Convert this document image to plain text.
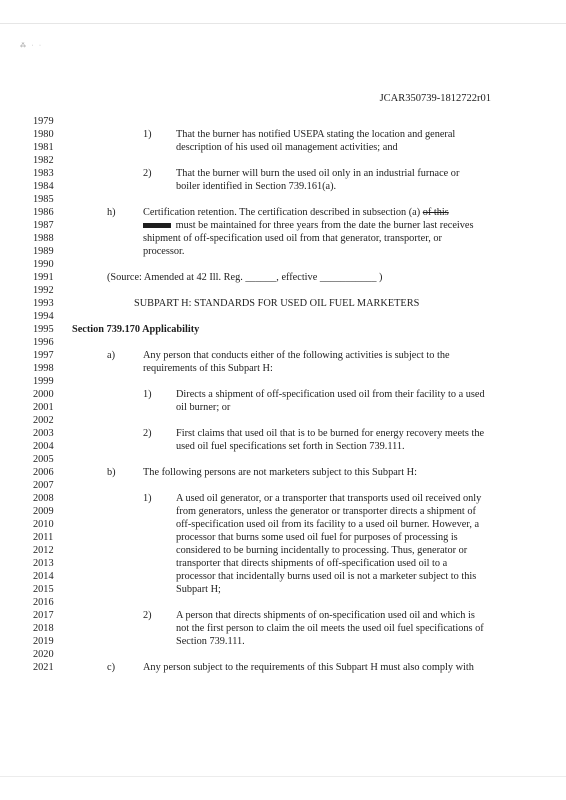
⁂ · ·
JCAR350739-1812722r01
1979
1980
1981
1982
1983
1984
1985
1986
1987
1988
1989
1990
1991
1992
1993
1994
1995
1996
1997
1998
1999
2000
2001
2002
2003
2004
2005
2006
2007
2008
2009
2010
2011
2012
2013
2014
2015
2016
2017
2018
2019
2020
2021
1) That the burner has notified USEPA stating the location and general
description of his used oil management activities; and
2) That the burner will burn the used oil only in an industrial furnace or
boiler identified in Section 739.161(a).
h)	Certification retention. The certification described in subsection (a) of this
must be maintained for three years from the date the burner last receives
shipment of off-specification used oil from that generator, transporter, or
processor.
(Source: Amended at 42 Ill. Reg. ______, effective ___________ )
SUBPART H: STANDARDS FOR USED OIL FUEL MARKETERS
Section 739.170 Applicability
a)	Any person that conducts either of the following activities is subject to the
requirements of this Subpart H:
1) Directs a shipment of off-specification used oil from their facility to a used
oil burner; or
2) First claims that used oil that is to be burned for energy recovery meets the
used oil fuel specifications set forth in Section 739.111.
b)	The following persons are not marketers subject to this Subpart H:
1) A used oil generator, or a transporter that transports used oil received only
from generators, unless the generator or transporter directs a shipment of
off-specification used oil from its facility to a used oil burner. However, a
processor that burns some used oil fuel for purposes of processing is
considered to be burning incidentally to processing. Thus, generator or
transporter that directs shipments of off-specification used oil to a
processor that incidentally burns used oil is not a marketer subject to this
Subpart H;
2) A person that directs shipments of on-specification used oil and which is
not the first person to claim the oil meets the used oil fuel specifications of
Section 739.111.
c)	Any person subject to the requirements of this Subpart H must also comply with
